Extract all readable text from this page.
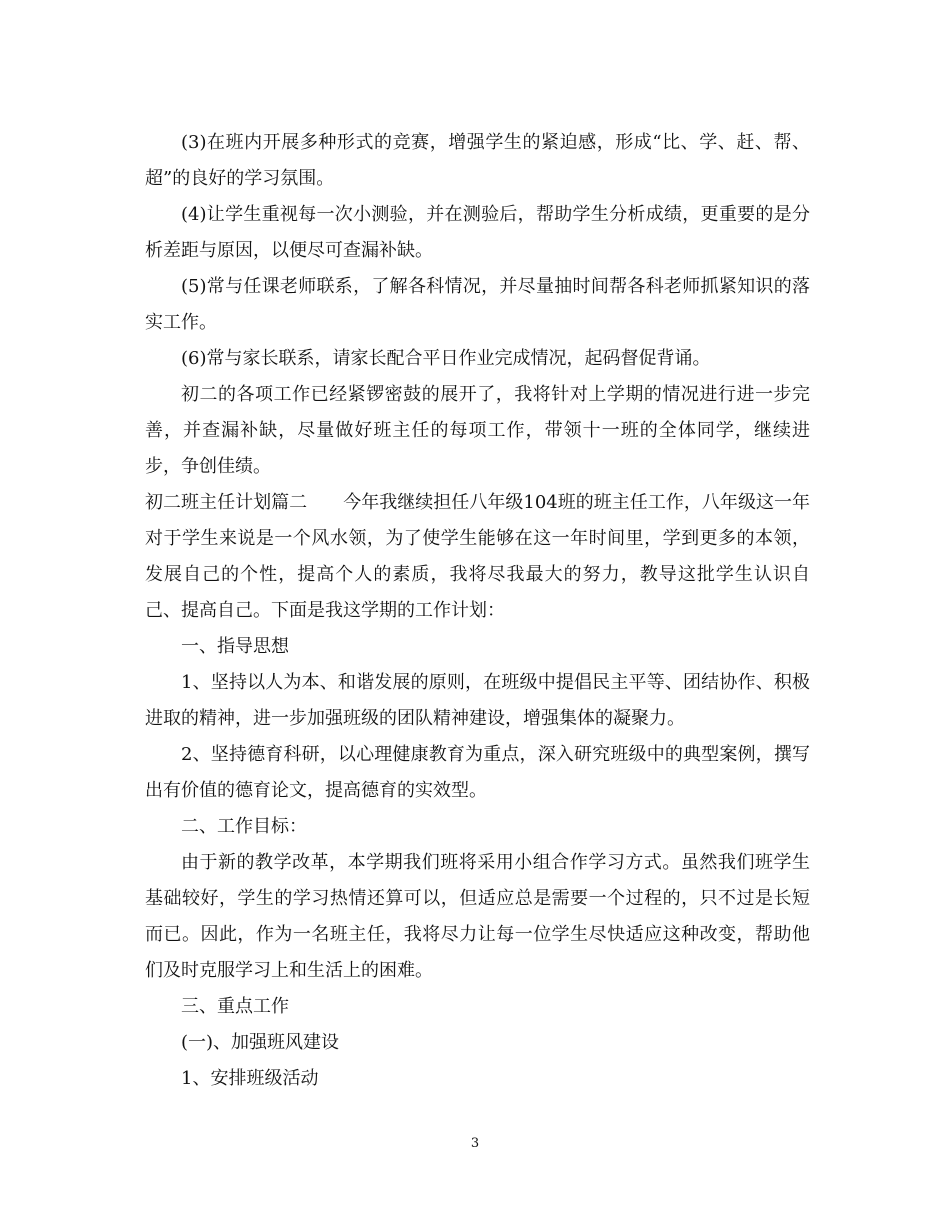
(3)在班内开展多种形式的竞赛，增强学生的紧迫感，形成“比、学、赶、帮、超”的良好的学习氛围。

(4)让学生重视每一次小测验，并在测验后，帮助学生分析成绩，更重要的是分析差距与原因，以便尽可查漏补缺。

(5)常与任课老师联系，了解各科情况，并尽量抽时间帮各科老师抓紧知识的落实工作。

(6)常与家长联系，请家长配合平日作业完成情况，起码督促背诵。

初二的各项工作已经紧锣密鼓的展开了，我将针对上学期的情况进行进一步完善，并查漏补缺，尽量做好班主任的每项工作，带领十一班的全体同学，继续进步，争创佳绩。

初二班主任计划篇二 今年我继续担任八年级104班的班主任工作，八年级这一年对于学生来说是一个风水领，为了使学生能够在这一年时间里，学到更多的本领，发展自己的个性，提高个人的素质，我将尽我最大的努力，教导这批学生认识自己、提高自己。下面是我这学期的工作计划：

一、指导思想

1、坚持以人为本、和谐发展的原则，在班级中提倡民主平等、团结协作、积极进取的精神，进一步加强班级的团队精神建设，增强集体的凝聚力。

2、坚持德育科研，以心理健康教育为重点，深入研究班级中的典型案例，撰写出有价值的德育论文，提高德育的实效型。

二、工作目标：

由于新的教学改革，本学期我们班将采用小组合作学习方式。虽然我们班学生基础较好，学生的学习热情还算可以，但适应总是需要一个过程的，只不过是长短而已。因此，作为一名班主任，我将尽力让每一位学生尽快适应这种改变，帮助他们及时克服学习上和生活上的困难。

三、重点工作

(一)、加强班风建设

1、安排班级活动

3
